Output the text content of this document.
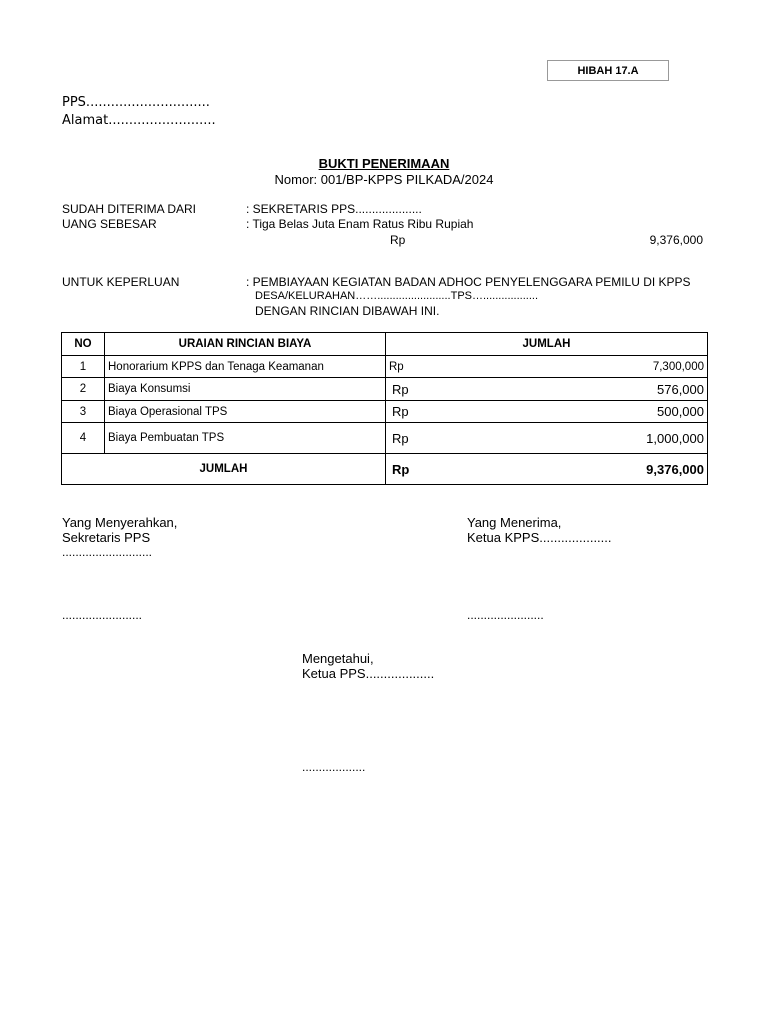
HIBAH 17.A
PPS..............................
Alamat..........................
BUKTI PENERIMAAN
Nomor: 001/BP-KPPS PILKADA/2024
SUDAH DITERIMA DARI	: SEKRETARIS PPS....................
UANG SEBESAR	: Tiga Belas Juta Enam Ratus Ribu Rupiah
Rp	9,376,000
UNTUK KEPERLUAN	: PEMBIAYAAN KEGIATAN BADAN ADHOC PENYELENGGARA PEMILU DI KPPS
DESA/KELURAHAN……........................TPS…..................
DENGAN RINCIAN DIBAWAH INI.
NO	URAIAN RINCIAN BIAYA	JUMLAH
1	Honorarium KPPS dan Tenaga Keamanan	Rp 7,300,000

2	Biaya Konsumsi	Rp 576,000

3	Biaya Operasional TPS	Rp 500,000

4	Biaya Pembuatan TPS	Rp 1,000,000

JUMLAH		Rp 9,376,000
Yang Menyerahkan,
Sekretaris PPS
...........................
........................
Yang Menerima,
Ketua KPPS....................
.......................
Mengetahui,
Ketua PPS...................
...................
